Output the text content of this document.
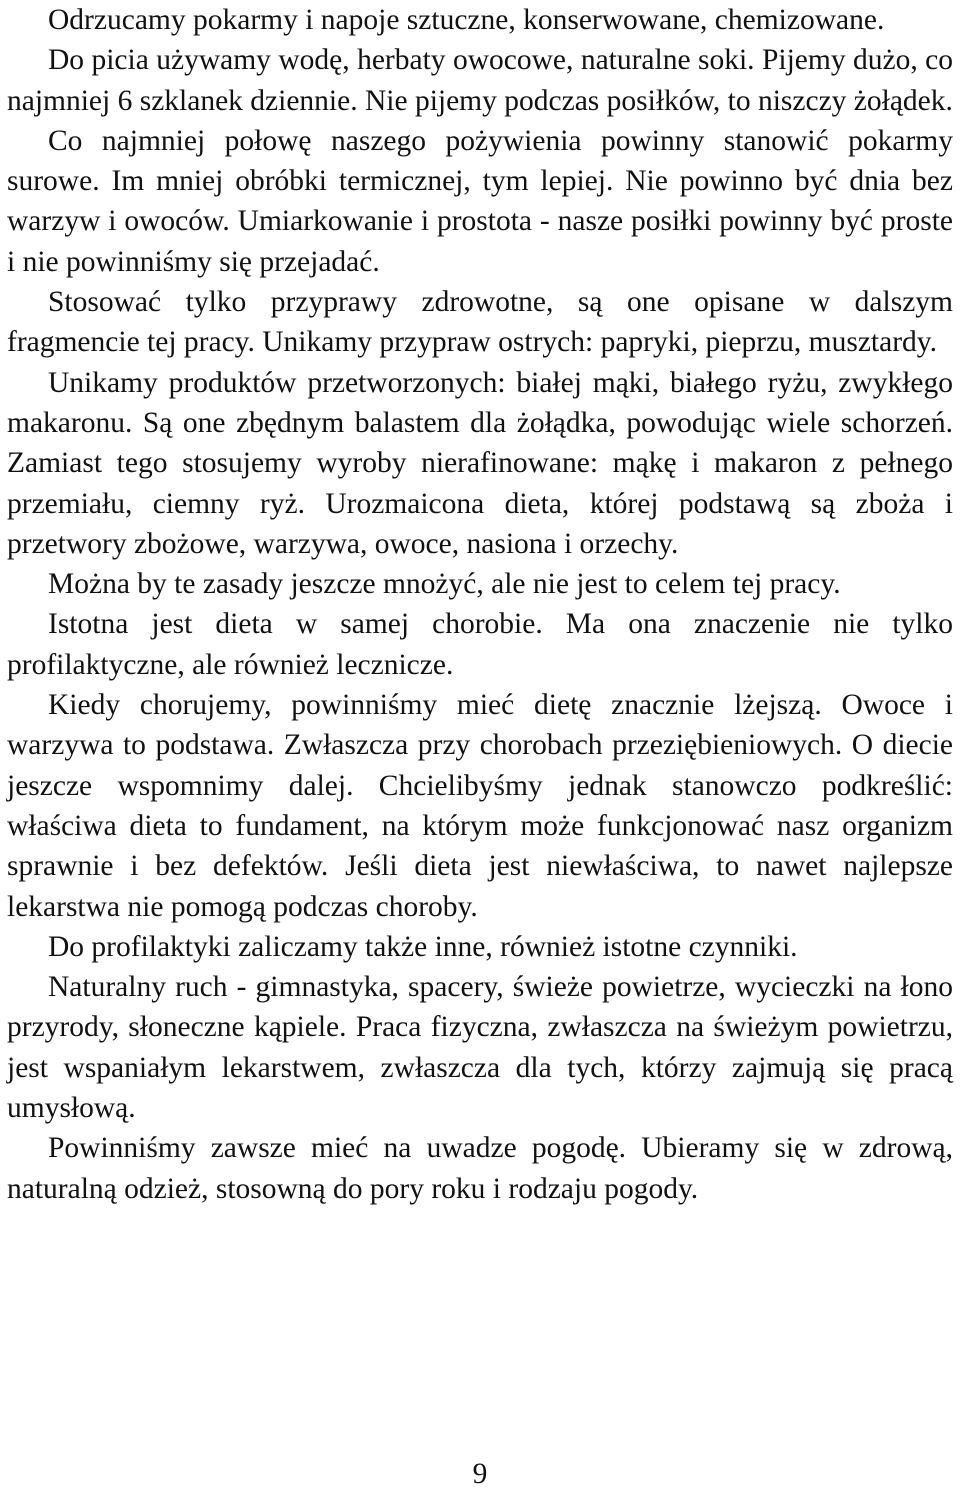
Odrzucamy pokarmy i napoje sztuczne, konserwowane, chemizowane.

Do picia używamy wodę, herbaty owocowe, naturalne soki. Pijemy dużo, co najmniej 6 szklanek dziennie. Nie pijemy podczas posiłków, to niszczy żołądek.

Co najmniej połowę naszego pożywienia powinny stanowić pokarmy surowe. Im mniej obróbki termicznej, tym lepiej. Nie powinno być dnia bez warzyw i owoców. Umiarkowanie i prostota - nasze posiłki powinny być proste i nie powinniśmy się przejadać.

Stosować tylko przyprawy zdrowotne, są one opisane w dalszym fragmencie tej pracy. Unikamy przypraw ostrych: papryki, pieprzu, musztardy.

Unikamy produktów przetworzonych: białej mąki, białego ryżu, zwykłego makaronu. Są one zbędnym balastem dla żołądka, powodując wiele schorzeń. Zamiast tego stosujemy wyroby nierafinowane: mąkę i makaron z pełnego przemiału, ciemny ryż. Urozmaicona dieta, której podstawą są zboża i przetwory zbożowe, warzywa, owoce, nasiona i orzechy.

Można by te zasady jeszcze mnożyć, ale nie jest to celem tej pracy.

Istotna jest dieta w samej chorobie. Ma ona znaczenie nie tylko profilaktyczne, ale również lecznicze.

Kiedy chorujemy, powinniśmy mieć dietę znacznie lżejszą. Owoce i warzywa to podstawa. Zwłaszcza przy chorobach przeziębieniowych. O diecie jeszcze wspomnimy dalej. Chcielibyśmy jednak stanowczo podkreślić: właściwa dieta to fundament, na którym może funkcjonować nasz organizm sprawnie i bez defektów. Jeśli dieta jest niewłaściwa, to nawet najlepsze lekarstwa nie pomogą podczas choroby.

Do profilaktyki zaliczamy także inne, również istotne czynniki.

Naturalny ruch - gimnastyka, spacery, świeże powietrze, wycieczki na łono przyrody, słoneczne kąpiele. Praca fizyczna, zwłaszcza na świeżym powietrzu, jest wspaniałym lekarstwem, zwłaszcza dla tych, którzy zajmują się pracą umysłową.

Powinniśmy zawsze mieć na uwadze pogodę. Ubieramy się w zdrową, naturalną odzież, stosowną do pory roku i rodzaju pogody.

9
